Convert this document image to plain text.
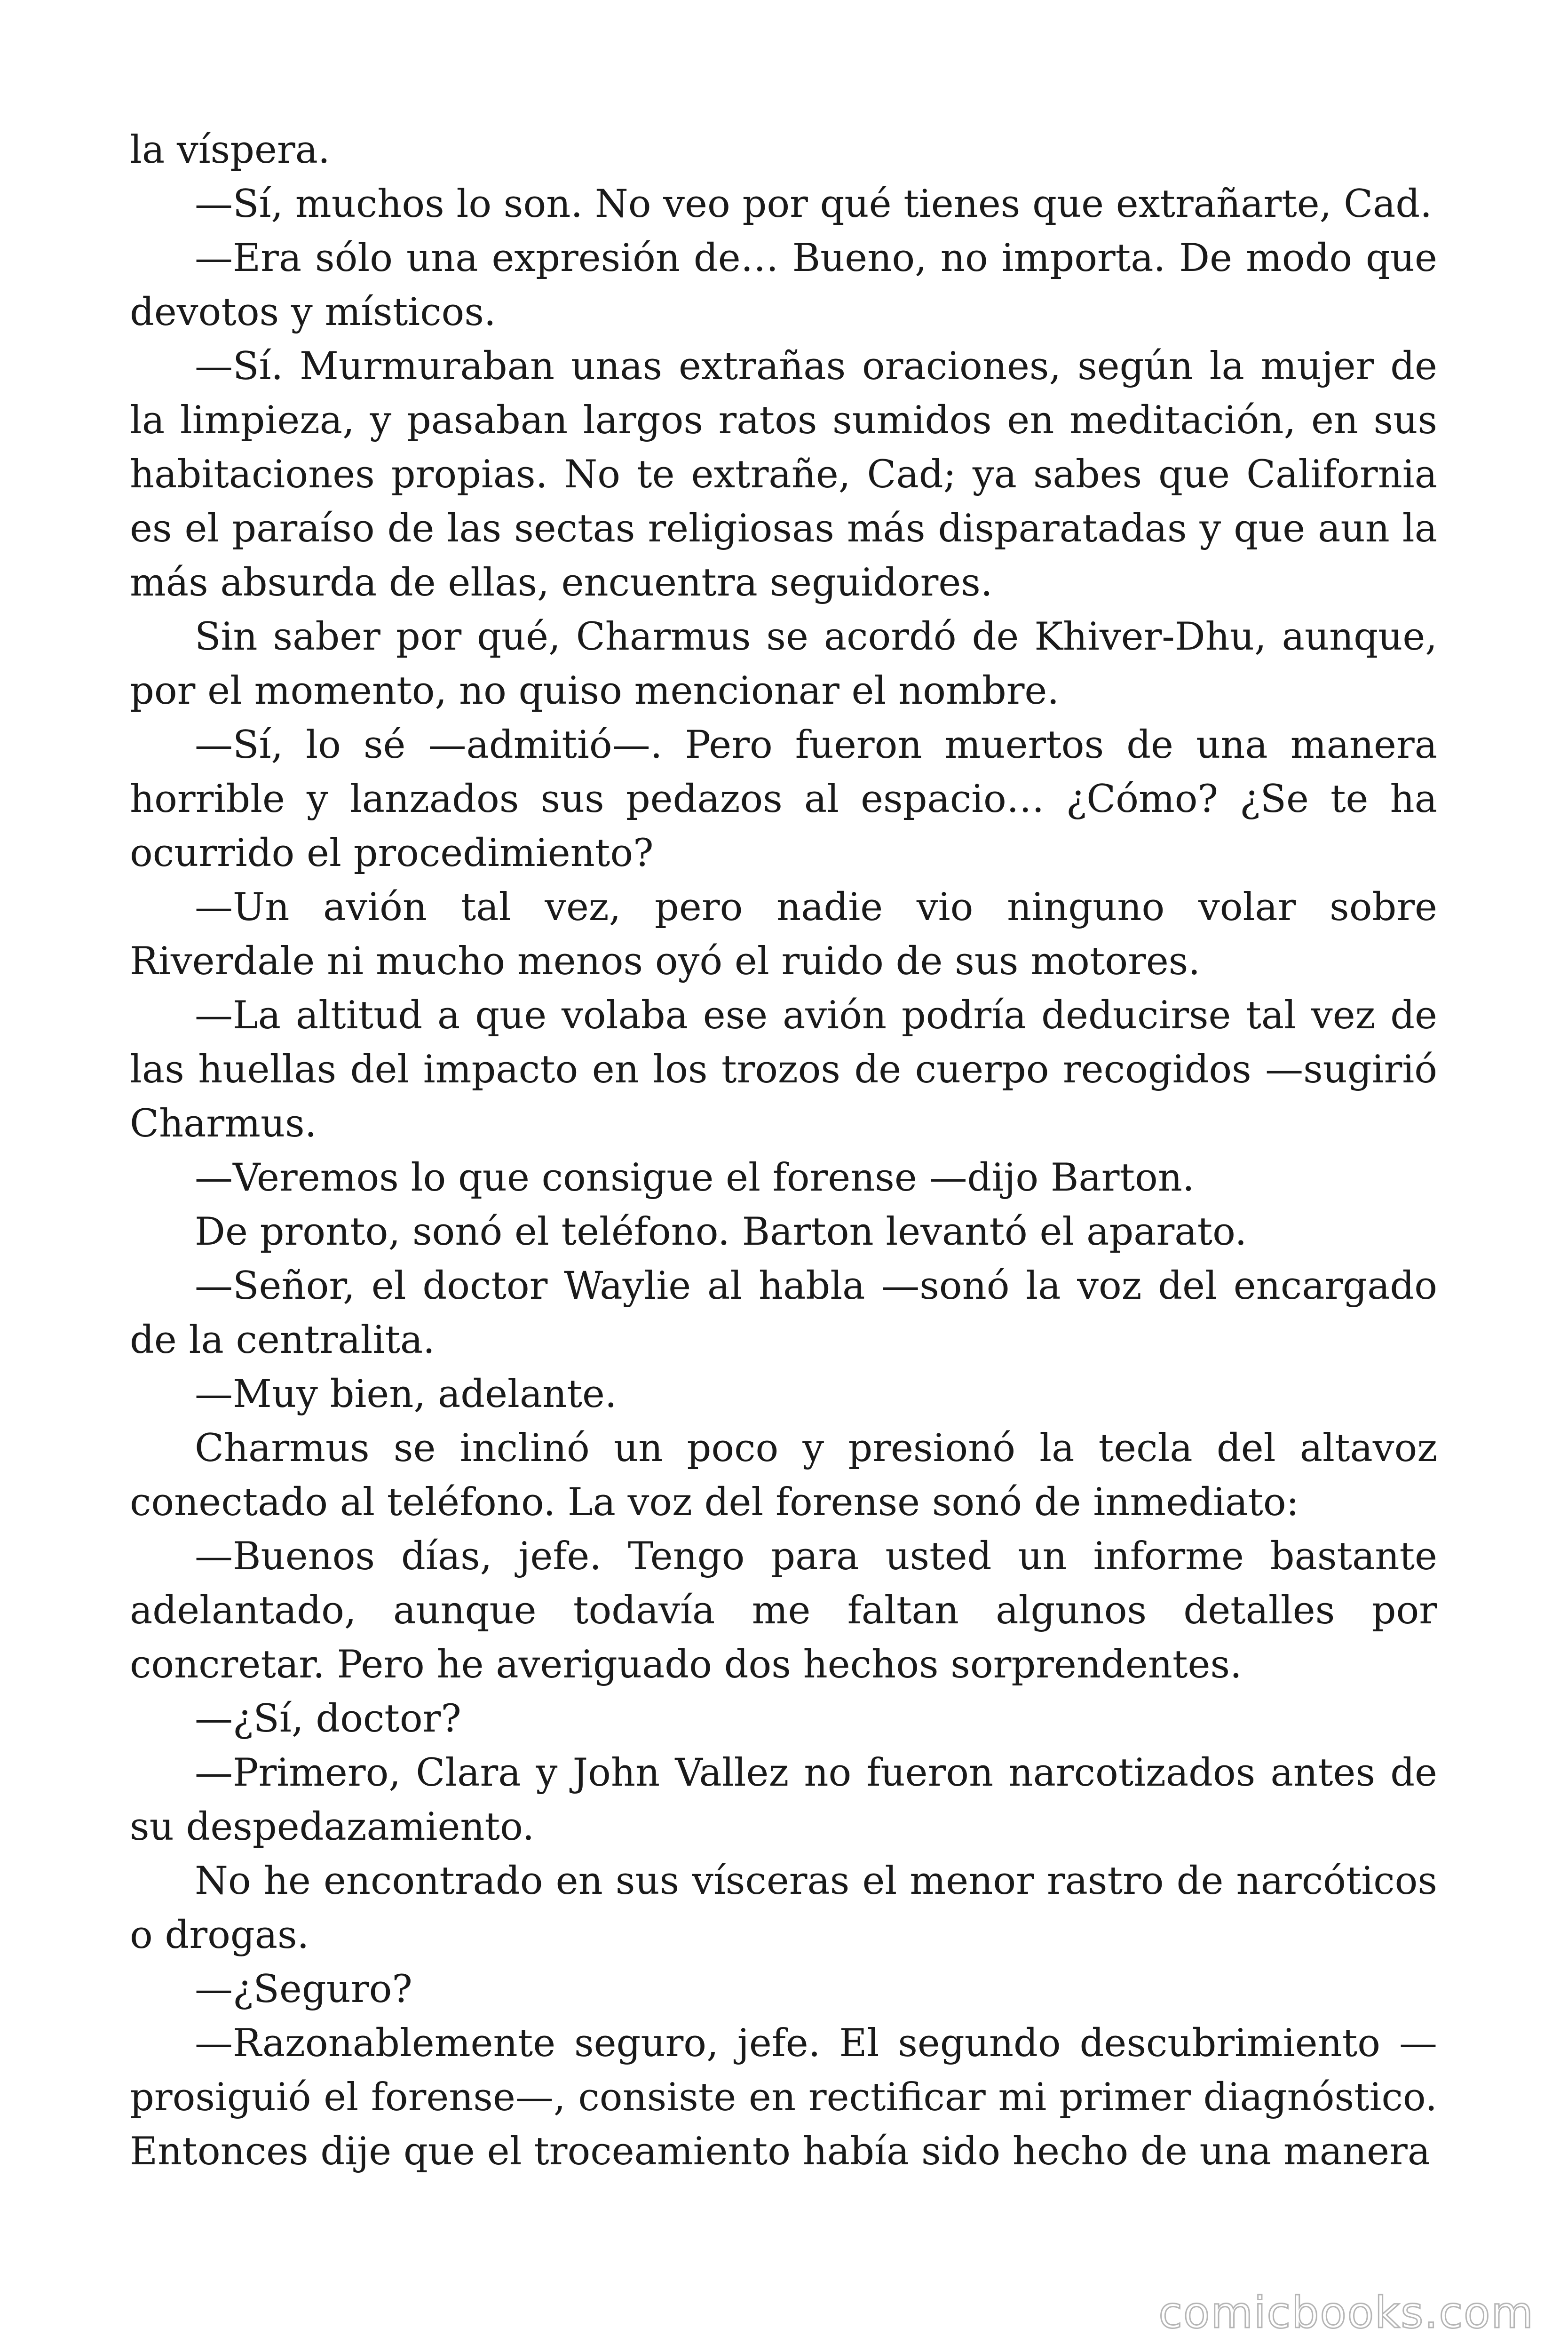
la víspera.

—Sí, muchos lo son. No veo por qué tienes que extrañarte, Cad.

—Era sólo una expresión de… Bueno, no importa. De modo que devotos y místicos.

—Sí. Murmuraban unas extrañas oraciones, según la mujer de la limpieza, y pasaban largos ratos sumidos en meditación, en sus habitaciones propias. No te extrañe, Cad; ya sabes que California es el paraíso de las sectas religiosas más disparatadas y que aun la más absurda de ellas, encuentra seguidores.

Sin saber por qué, Charmus se acordó de Khiver-Dhu, aunque, por el momento, no quiso mencionar el nombre.

—Sí, lo sé —admitió—. Pero fueron muertos de una manera horrible y lanzados sus pedazos al espacio… ¿Cómo? ¿Se te ha ocurrido el procedimiento?

—Un avión tal vez, pero nadie vio ninguno volar sobre Riverdale ni mucho menos oyó el ruido de sus motores.

—La altitud a que volaba ese avión podría deducirse tal vez de las huellas del impacto en los trozos de cuerpo recogidos —sugirió Charmus.

—Veremos lo que consigue el forense —dijo Barton.

De pronto, sonó el teléfono. Barton levantó el aparato.

—Señor, el doctor Waylie al habla —sonó la voz del encargado de la centralita.

—Muy bien, adelante.

Charmus se inclinó un poco y presionó la tecla del altavoz conectado al teléfono. La voz del forense sonó de inmediato:

—Buenos días, jefe. Tengo para usted un informe bastante adelantado, aunque todavía me faltan algunos detalles por concretar. Pero he averiguado dos hechos sorprendentes.

—¿Sí, doctor?

—Primero, Clara y John Vallez no fueron narcotizados antes de su despedazamiento.

No he encontrado en sus vísceras el menor rastro de narcóticos o drogas.

—¿Seguro?

—Razonablemente seguro, jefe. El segundo descubrimiento —prosiguió el forense—, consiste en rectificar mi primer diagnóstico. Entonces dije que el troceamiento había sido hecho de una manera

comicbooks.com
